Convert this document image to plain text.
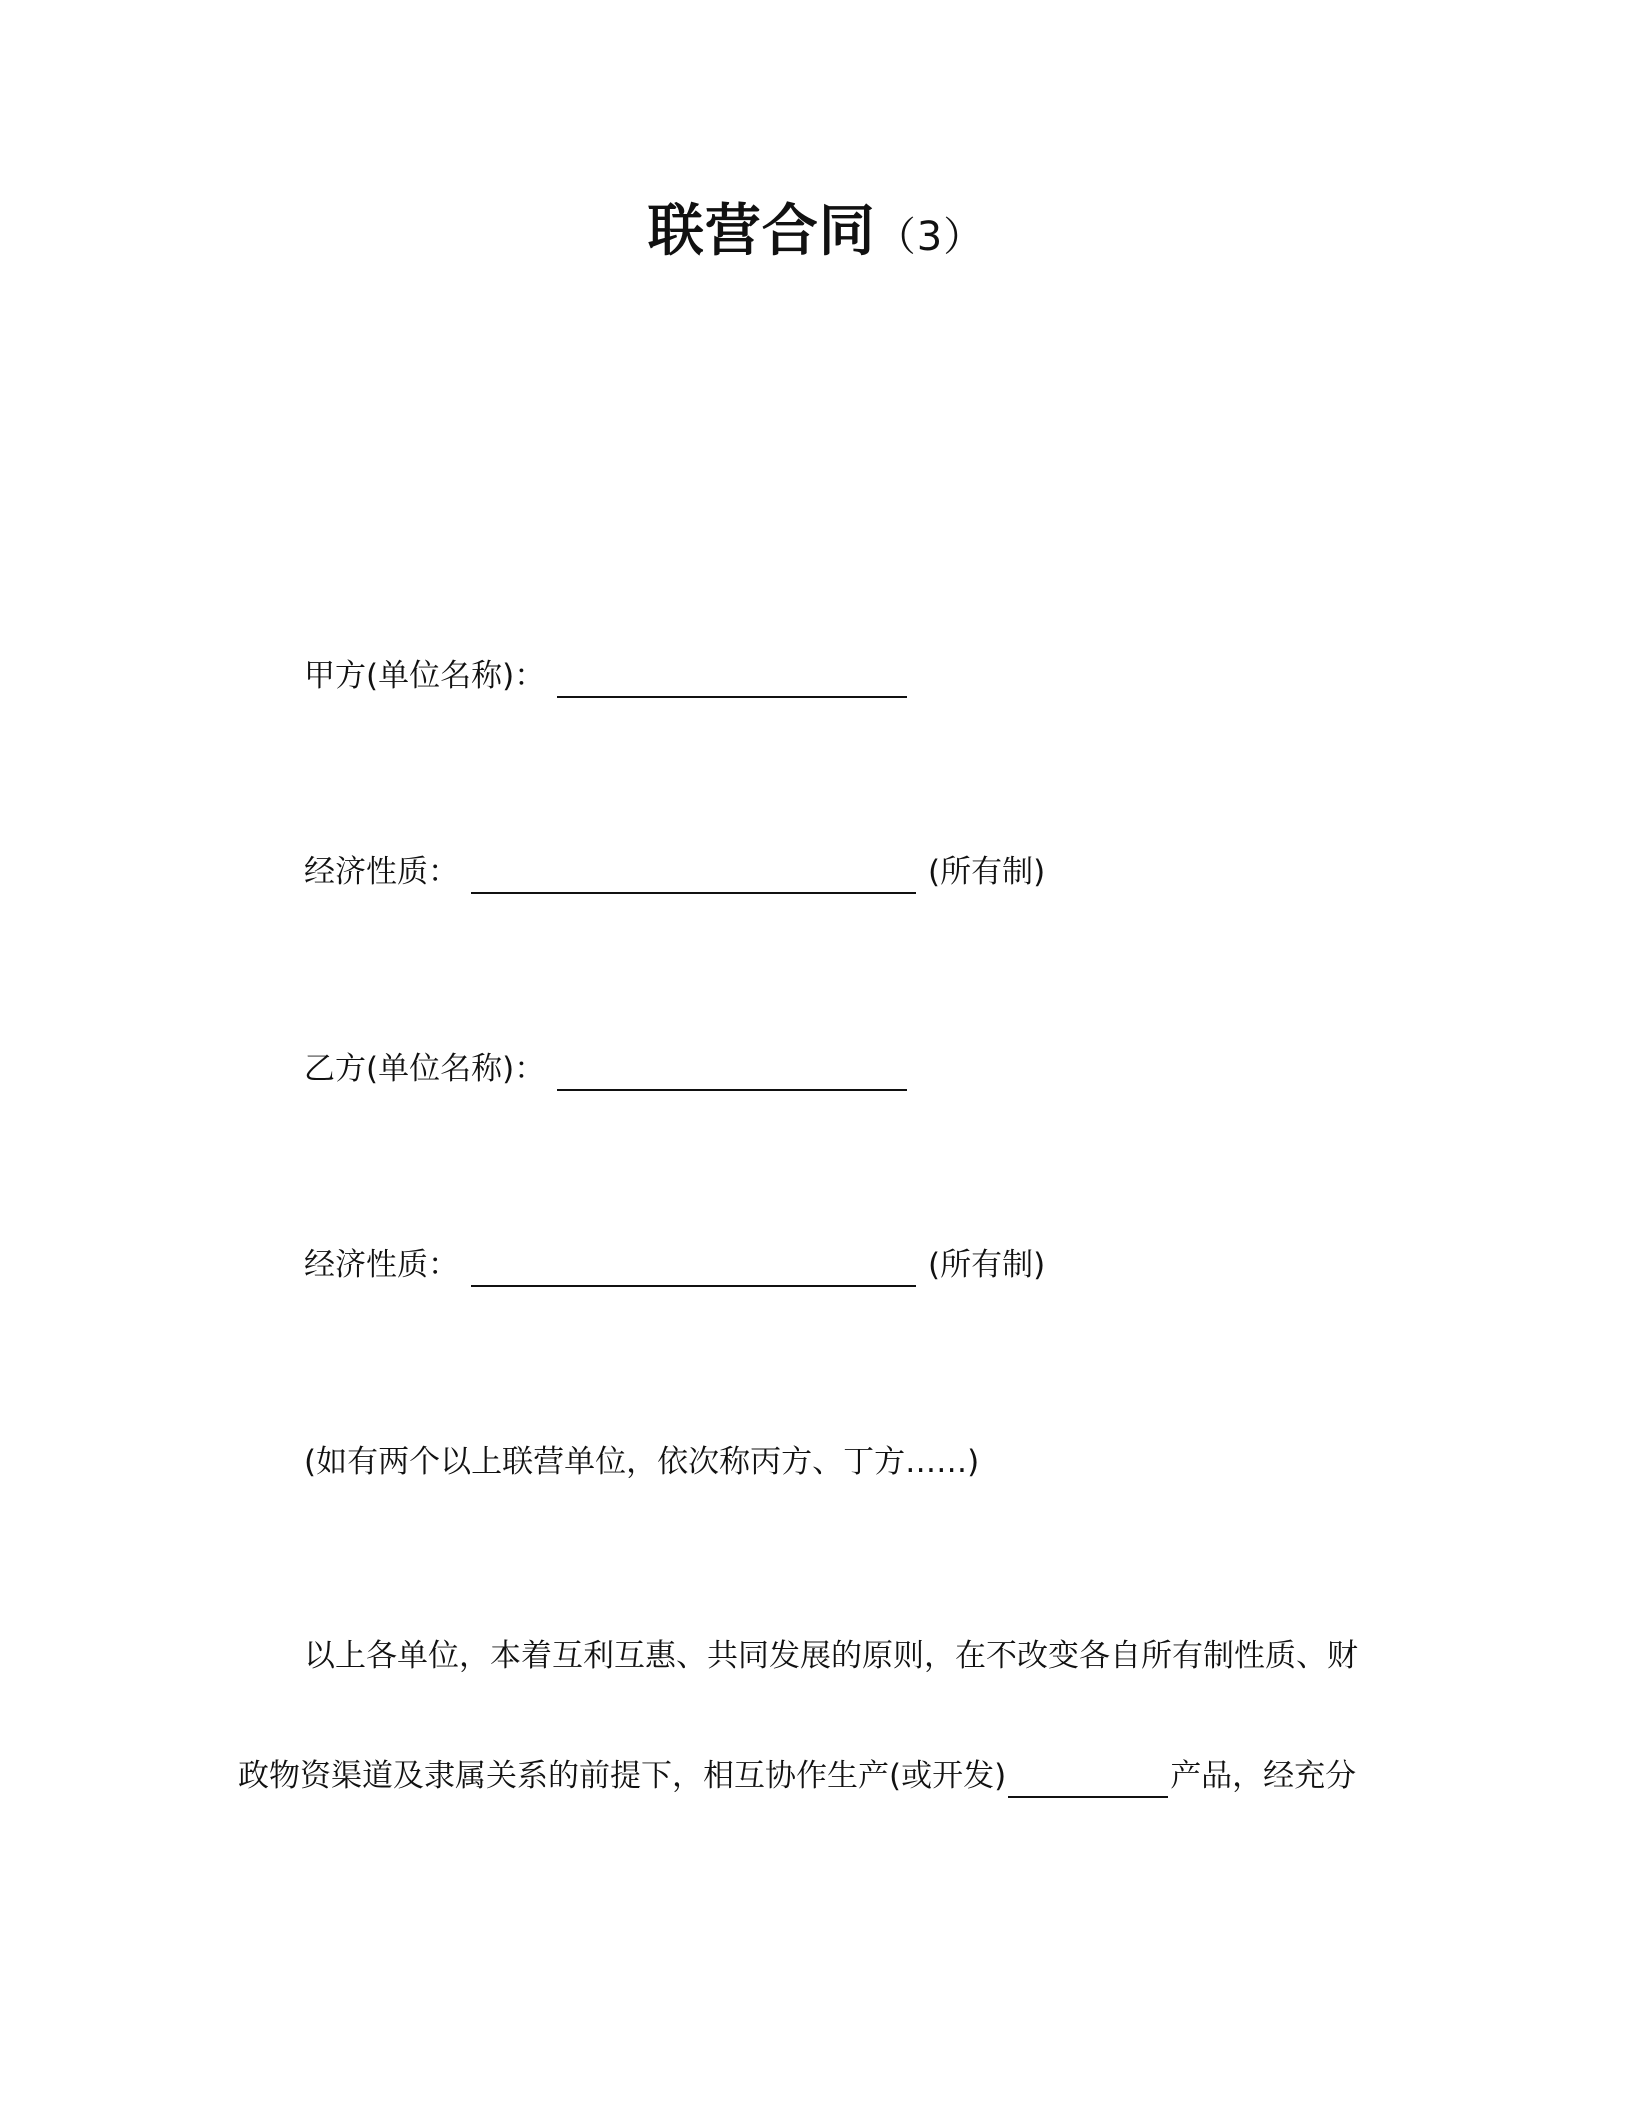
联营合同（3）
甲方(单位名称)：
经济性质：	(所有制)
乙方(单位名称)：
经济性质：	(所有制)
(如有两个以上联营单位，依次称丙方、丁方……)
以上各单位，本着互利互惠、共同发展的原则，在不改变各自所有制性质、财
政物资渠道及隶属关系的前提下，相互协作生产(或开发)	产品，经充分
